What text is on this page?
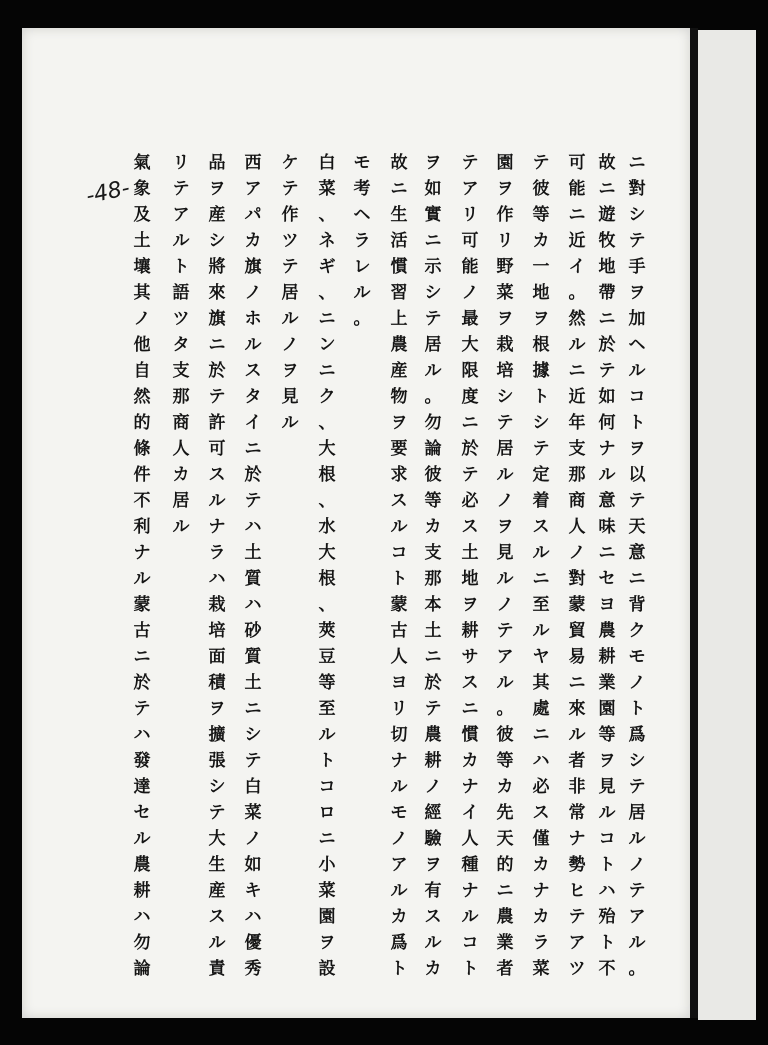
ニ
對
シ
テ
手
ヲ
加
ヘ
ル
コ
ト
ヲ
以
テ
天
意
ニ
背
ク
モ
ノ
ト
爲
シ
テ
居
ル
ノ
テ
ア
ル
。
故
ニ
遊
牧
地
帶
ニ
於
テ
如
何
ナ
ル
意
味
ニ
セ
ヨ
農
耕
業
園
等
ヲ
見
ル
コ
ト
ハ
殆
ト
不
可
能
ニ
近
イ
。
然
ル
ニ
近
年
支
那
商
人
ノ
對
蒙
貿
易
ニ
來
ル
者
非
常
ナ
勢
ヒ
テ
ア
ツ
テ
彼
等
カ
一
地
ヲ
根
據
ト
シ
テ
定
着
ス
ル
ニ
至
ル
ヤ
其
處
ニ
ハ
必
ス
僅
カ
ナ
カ
ラ
菜
園
ヲ
作
リ
野
菜
ヲ
栽
培
シ
テ
居
ル
ノ
ヲ
見
ル
ノ
テ
ア
ル
。
彼
等
カ
先
天
的
ニ
農
業
者
テ
ア
リ
可
能
ノ
最
大
限
度
ニ
於
テ
必
ス
土
地
ヲ
耕
サ
ス
ニ
慣
カ
ナ
イ
人
種
ナ
ル
コ
ト
ヲ
如
實
ニ
示
シ
テ
居
ル
。
勿
論
彼
等
カ
支
那
本
土
ニ
於
テ
農
耕
ノ
經
驗
ヲ
有
ス
ル
カ
故
ニ
生
活
慣
習
上
農
産
物
ヲ
要
求
ス
ル
コ
ト
蒙
古
人
ヨ
リ
切
ナ
ル
モ
ノ
ア
ル
カ
爲
ト
モ
考
ヘ
ラ
レ
ル
。
白
菜
、
ネ
ギ
、
ニ
ン
ニ
ク
、
大
根
、
水
大
根
、
莢
豆
等
至
ル
ト
コ
ロ
ニ
小
菜
園
ヲ
設
ケ
テ
作
ツ
テ
居
ル
ノ
ヲ
見
ル
西
ア
パ
カ
旗
ノ
ホ
ル
ス
タ
イ
ニ
於
テ
ハ
土
質
ハ
砂
質
土
ニ
シ
テ
白
菜
ノ
如
キ
ハ
優
秀
品
ヲ
産
シ
將
來
旗
ニ
於
テ
許
可
ス
ル
ナ
ラ
ハ
栽
培
面
積
ヲ
擴
張
シ
テ
大
生
産
ス
ル
責
リ
テ
ア
ル
ト
語
ツ
タ
支
那
商
人
カ
居
ル
氣
象
及
土
壤
其
ノ
他
自
然
的
條
件
不
利
ナ
ル
蒙
古
ニ
於
テ
ハ
發
達
セ
ル
農
耕
ハ
勿
論
-48-
